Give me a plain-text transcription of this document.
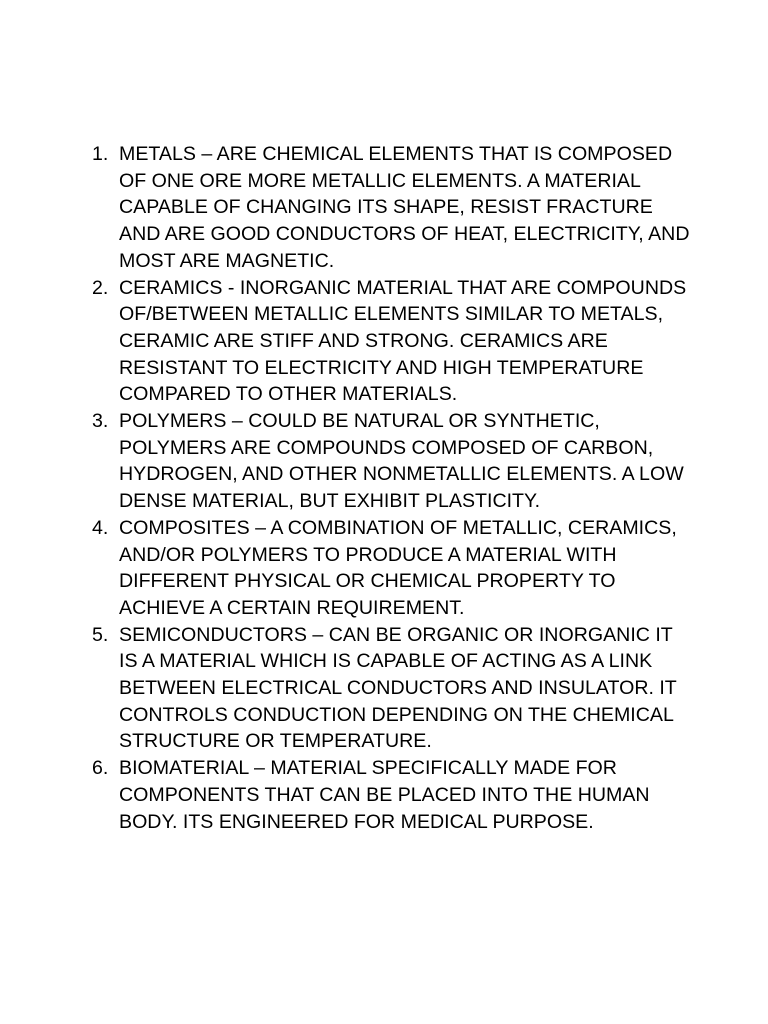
1. METALS – ARE CHEMICAL ELEMENTS THAT IS COMPOSED OF ONE ORE MORE METALLIC ELEMENTS. A MATERIAL CAPABLE OF CHANGING ITS SHAPE, RESIST FRACTURE AND ARE GOOD CONDUCTORS OF HEAT, ELECTRICITY, AND MOST ARE MAGNETIC.
2. CERAMICS - INORGANIC MATERIAL THAT ARE COMPOUNDS OF/BETWEEN METALLIC ELEMENTS SIMILAR TO METALS, CERAMIC ARE STIFF AND STRONG. CERAMICS ARE RESISTANT TO ELECTRICITY AND HIGH TEMPERATURE COMPARED TO OTHER MATERIALS.
3. POLYMERS – COULD BE NATURAL OR SYNTHETIC, POLYMERS ARE COMPOUNDS COMPOSED OF CARBON, HYDROGEN, AND OTHER NONMETALLIC ELEMENTS. A LOW DENSE MATERIAL, BUT EXHIBIT PLASTICITY.
4. COMPOSITES – A COMBINATION OF METALLIC, CERAMICS, AND/OR POLYMERS TO PRODUCE A MATERIAL WITH DIFFERENT PHYSICAL OR CHEMICAL PROPERTY TO ACHIEVE A CERTAIN REQUIREMENT.
5. SEMICONDUCTORS – CAN BE ORGANIC OR INORGANIC IT IS A MATERIAL WHICH IS CAPABLE OF ACTING AS A LINK BETWEEN ELECTRICAL CONDUCTORS AND INSULATOR. IT CONTROLS CONDUCTION DEPENDING ON THE CHEMICAL STRUCTURE OR TEMPERATURE.
6. BIOMATERIAL – MATERIAL SPECIFICALLY MADE FOR COMPONENTS THAT CAN BE PLACED INTO THE HUMAN BODY. ITS ENGINEERED FOR MEDICAL PURPOSE.
